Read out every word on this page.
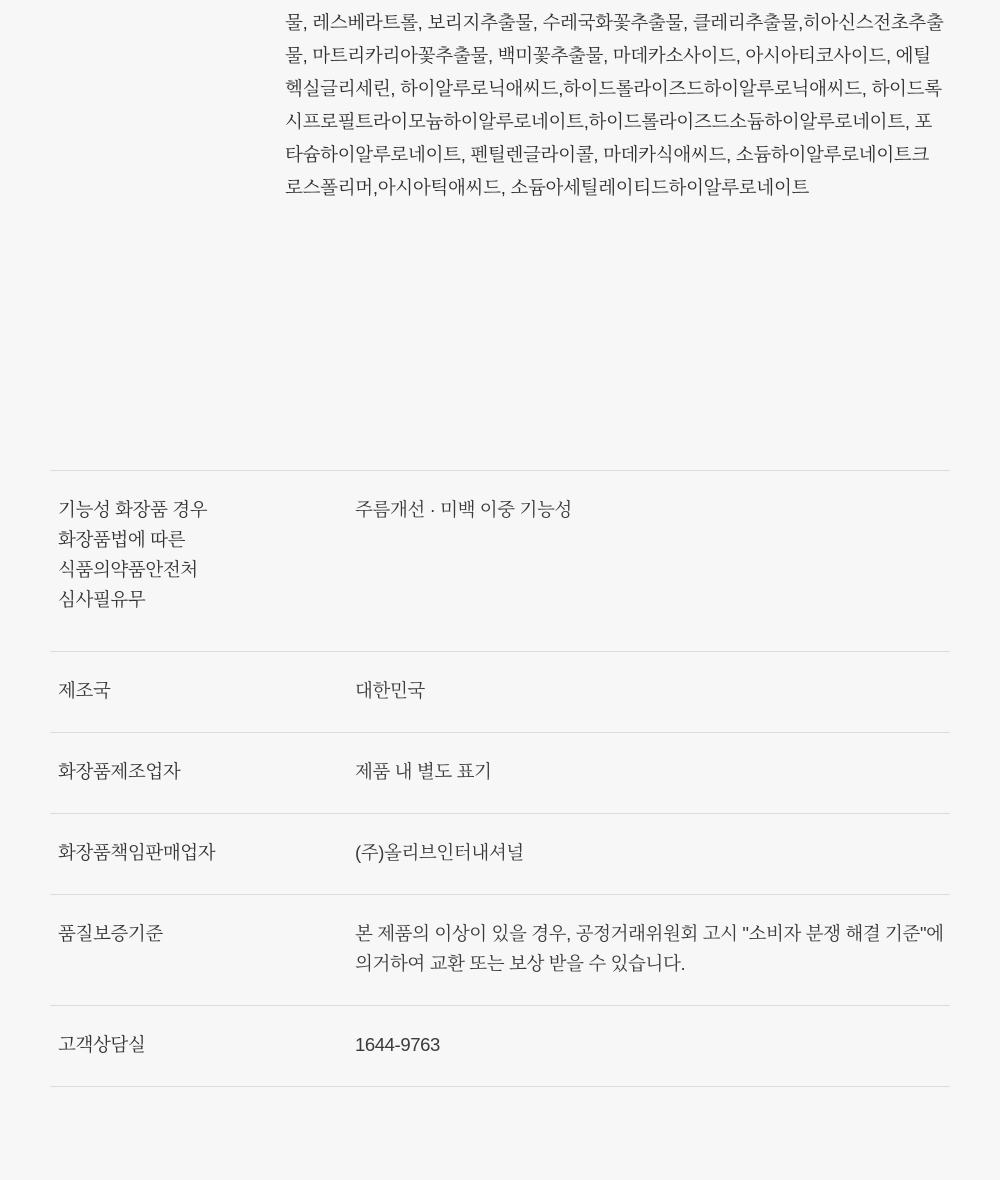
물, 레스베라트롤, 보리지추출물, 수레국화꽃추출물, 클레리추출물,히아신스전초추출물, 마트리카리아꽃추출물, 백미꽃추출물, 마데카소사이드, 아시아티코사이드, 에틸헥실글리세린, 하이알루로닉애씨드,하이드롤라이즈드하이알루로닉애씨드, 하이드록시프로필트라이모늄하이알루로네이트,하이드롤라이즈드소듐하이알루로네이트, 포타슘하이알루로네이트, 펜틸렌글라이콜, 마데카식애씨드, 소듐하이알루로네이트크로스폴리머,아시아틱애씨드, 소듐아세틸레이티드하이알루로네이트

기능성 화장품 경우
화장품법에 따른
식품의약품안전처
심사필유무	주름개선 · 미백 이중 기능성

제조국	대한민국

화장품제조업자	제품 내 별도 표기

화장품책임판매업자	(주)올리브인터내셔널

품질보증기준	본 제품의 이상이 있을 경우, 공정거래위원회 고시 "소비자 분쟁 해결 기준"에
의거하여 교환 또는 보상 받을 수 있습니다.

고객상담실	1644-9763
